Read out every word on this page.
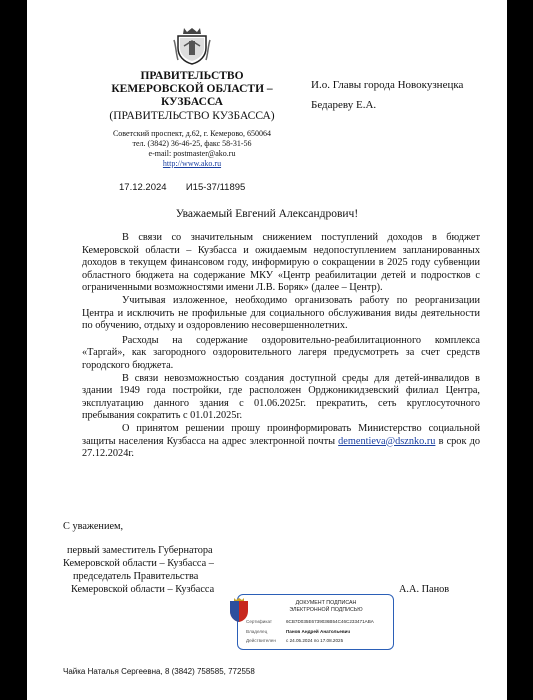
ПРАВИТЕЛЬСТВО
КЕМЕРОВСКОЙ ОБЛАСТИ –
КУЗБАССА
(ПРАВИТЕЛЬСТВО КУЗБАССА)
Советский проспект, д.62, г. Кемерово, 650064
тел. (3842) 36-46-25, факс 58-31-56
e-mail: postmaster@ako.ru
http://www.ako.ru
17.12.2024 И15-37/11895
И.о. Главы города Новокузнецка
Бедареву Е.А.
Уважаемый Евгений Александрович!

В связи со значительным снижением поступлений доходов в бюджет Кемеровской области – Кузбасса и ожидаемым недопоступлением запланированных доходов в текущем финансовом году, информирую о сокращении в 2025 году субвенции областного бюджета на содержание МКУ «Центр реабилитации детей и подростков с ограниченными возможностями имени Л.В. Боряк» (далее – Центр).

Учитывая изложенное, необходимо организовать работу по реорганизации Центра и исключить не профильные для социального обслуживания виды деятельности по обучению, отдыху и оздоровлению несовершеннолетних.

Расходы на содержание оздоровительно-реабилитационного комплекса «Таргай», как загородного оздоровительного лагеря предусмотреть за счет средств городского бюджета.

В связи невозможностью создания доступной среды для детей-инвалидов в здании 1949 года постройки, где расположен Орджоникидзевский филиал Центра, эксплуатацию данного здания с 01.06.2025г. прекратить, сеть круглосуточного пребывания сократить с 01.01.2025г.

О принятом решении прошу проинформировать Министерство социальной защиты населения Кузбасса на адрес электронной почты dementieva@dsznko.ru в срок до 27.12.2024г.

С уважением,
первый заместитель Губернатора
Кемеровской области – Кузбасса –
председатель Правительства
Кемеровской области – Кузбасса	А.А. Панов
ДОКУМЕНТ ПОДПИСАН
ЭЛЕКТРОННОЙ ПОДПИСЬЮ
Сертификат	6CB7D035E6739036B54C46C233471ABA
Владелец	Панов Андрей Анатольевич
Действителен с 24.05.2024 по 17.08.2025
Чайка Наталья Сергеевна, 8 (3842) 758585, 772558
